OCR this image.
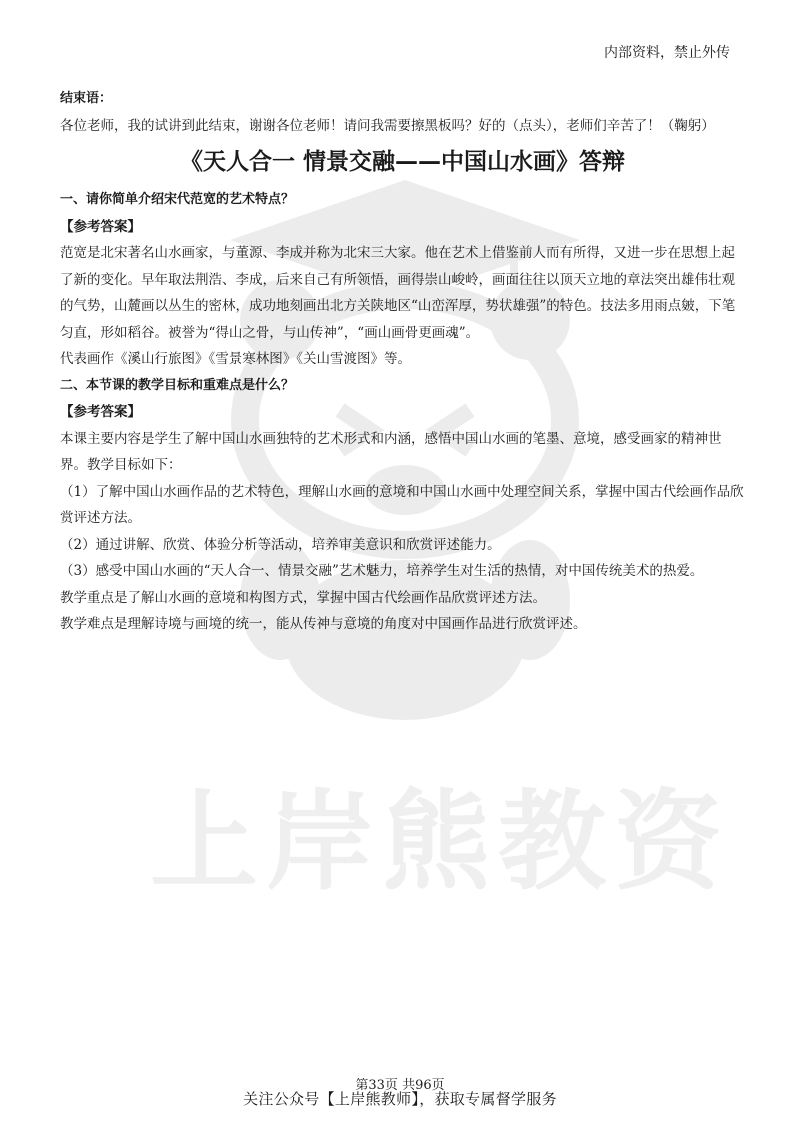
上岸熊教资
内部资料，禁止外传

结束语：

各位老师，我的试讲到此结束，谢谢各位老师！请问我需要擦黑板吗？好的（点头），老师们辛苦了！（鞠躬）

《天人合一 情景交融——中国山水画》答辩

一、请你简单介绍宋代范宽的艺术特点？

【参考答案】

范宽是北宋著名山水画家，与董源、李成并称为北宋三大家。他在艺术上借鉴前人而有所得，又进一步在思想上起了新的变化。早年取法荆浩、李成，后来自己有所领悟，画得崇山峻岭，画面往往以顶天立地的章法突出雄伟壮观的气势，山麓画以丛生的密林，成功地刻画出北方关陕地区“山峦浑厚，势状雄强”的特色。技法多用雨点皴，下笔匀直，形如稻谷。被誉为“得山之骨，与山传神”，“画山画骨更画魂”。

代表画作《溪山行旅图》《雪景寒林图》《关山雪渡图》等。

二、本节课的教学目标和重难点是什么？

【参考答案】

本课主要内容是学生了解中国山水画独特的艺术形式和内涵，感悟中国山水画的笔墨、意境，感受画家的精神世界。教学目标如下：

（1）了解中国山水画作品的艺术特色，理解山水画的意境和中国山水画中处理空间关系，掌握中国古代绘画作品欣赏评述方法。

（2）通过讲解、欣赏、体验分析等活动，培养审美意识和欣赏评述能力。

（3）感受中国山水画的“天人合一、情景交融”艺术魅力，培养学生对生活的热情，对中国传统美术的热爱。

教学重点是了解山水画的意境和构图方式，掌握中国古代绘画作品欣赏评述方法。

教学难点是理解诗境与画境的统一，能从传神与意境的角度对中国画作品进行欣赏评述。

第33页 共96页
关注公众号【上岸熊教师】，获取专属督学服务
